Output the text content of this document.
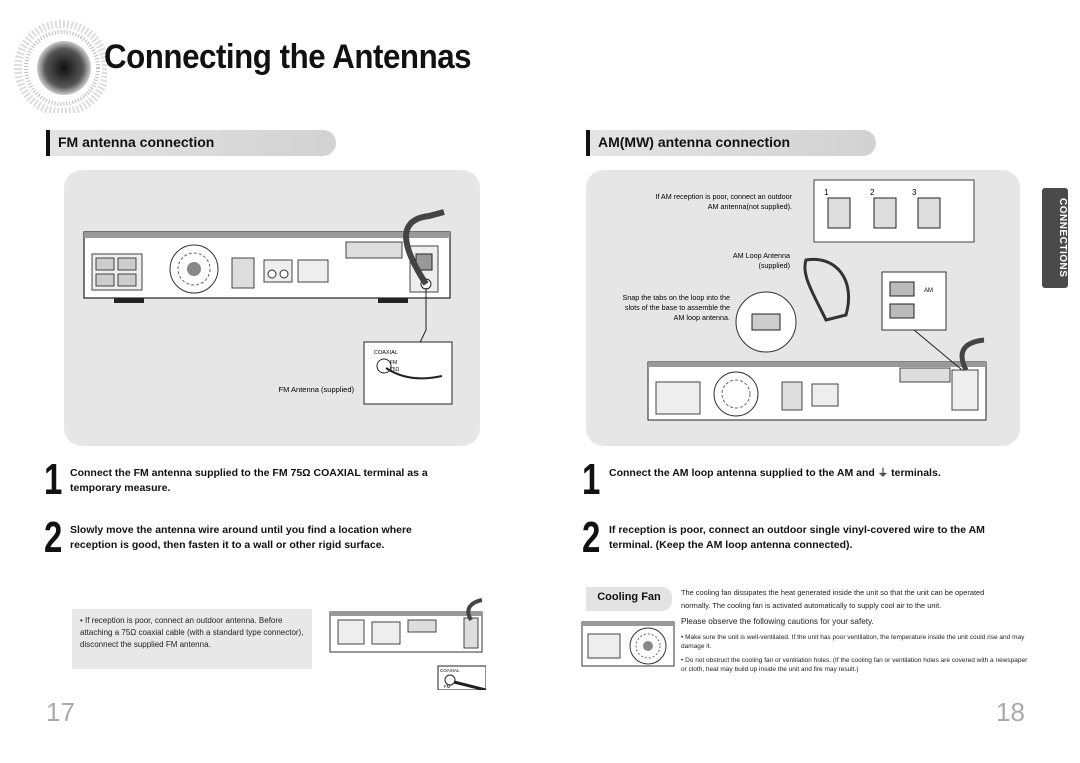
Connecting the Antennas
FM antenna connection
COAXIAL
FM
75Ω
FM Antenna (supplied)
1 Connect the FM antenna supplied to the FM 75Ω COAXIAL terminal as a temporary measure.
2 Slowly move the antenna wire around until you find a location where reception is good, then fasten it to a wall or other rigid surface.
• If reception is poor, connect an outdoor antenna. Before attaching a 75Ω coaxial cable (with a standard type connector), disconnect the supplied FM antenna.
COAXIAL
FM
17
AM(MW) antenna connection
If AM reception is poor, connect an outdoor
AM antenna(not supplied).
1	2	3
AM Loop Antenna
(supplied)
Snap the tabs on the loop into the
slots of the base to assemble the
AM loop antenna.
AM
CONNECTIONS
1 Connect the AM loop antenna supplied to the AM and ⏚ terminals.
2 If reception is poor, connect an outdoor single vinyl-covered wire to the AM terminal. (Keep the AM loop antenna connected).
Cooling Fan	The cooling fan dissipates the heat generated inside the unit so that the unit can be operated
normally. The cooling fan is activated automatically to supply cool air to the unit.
Please observe the following cautions for your safety.
• Make sure the unit is well-ventilated. If the unit has poor ventilation, the temperature inside the unit could rise and may damage it.
• Do not obstruct the cooling fan or ventilation holes. (If the cooling fan or ventilation holes are covered with a newspaper or cloth, heat may build up inside the unit and fire may result.)
18
